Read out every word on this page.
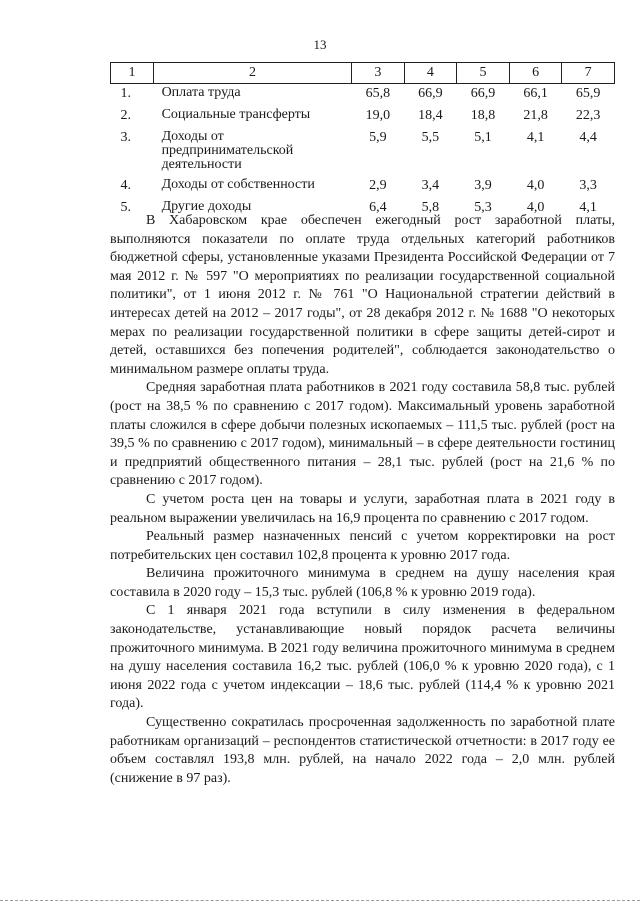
13
1	2	3	4	5	6	7
1.	Оплата труда	65,8	66,9	66,9	66,1	65,9
2.	Социальные трансферты	19,0	18,4	18,8	21,8	22,3
3.	Доходы от предпринимательской деятельности	5,9	5,5	5,1	4,1	4,4
4.	Доходы от собственности	2,9	3,4	3,9	4,0	3,3
5.	Другие доходы	6,4	5,8	5,3	4,0	4,1

В Хабаровском крае обеспечен ежегодный рост заработной платы, выполняются показатели по оплате труда отдельных категорий работников бюджетной сферы, установленные указами Президента Российской Федерации от 7 мая 2012 г. № 597 "О мероприятиях по реализации государственной социальной политики", от 1 июня 2012 г. № 761 "О Национальной стратегии действий в интересах детей на 2012 – 2017 годы", от 28 декабря 2012 г. № 1688 "О некоторых мерах по реализации государственной политики в сфере защиты детей-сирот и детей, оставшихся без попечения родителей", соблюдается законодательство о минимальном размере оплаты труда.

Средняя заработная плата работников в 2021 году составила 58,8 тыс. рублей (рост на 38,5 % по сравнению с 2017 годом). Максимальный уровень заработной платы сложился в сфере добычи полезных ископаемых – 111,5 тыс. рублей (рост на 39,5 % по сравнению с 2017 годом), минимальный – в сфере деятельности гостиниц и предприятий общественного питания – 28,1 тыс. рублей (рост на 21,6 % по сравнению с 2017 годом).

С учетом роста цен на товары и услуги, заработная плата в 2021 году в реальном выражении увеличилась на 16,9 процента по сравнению с 2017 годом.

Реальный размер назначенных пенсий с учетом корректировки на рост потребительских цен составил 102,8 процента к уровню 2017 года.

Величина прожиточного минимума в среднем на душу населения края составила в 2020 году – 15,3 тыс. рублей (106,8 % к уровню 2019 года).

С 1 января 2021 года вступили в силу изменения в федеральном законодательстве, устанавливающие новый порядок расчета величины прожиточного минимума. В 2021 году величина прожиточного минимума в среднем на душу населения составила 16,2 тыс. рублей (106,0 % к уровню 2020 года), с 1 июня 2022 года с учетом индексации – 18,6 тыс. рублей (114,4 % к уровню 2021 года).

Существенно сократилась просроченная задолженность по заработной плате работникам организаций – респондентов статистической отчетности: в 2017 году ее объем составлял 193,8 млн. рублей, на начало 2022 года – 2,0 млн. рублей (снижение в 97 раз).
